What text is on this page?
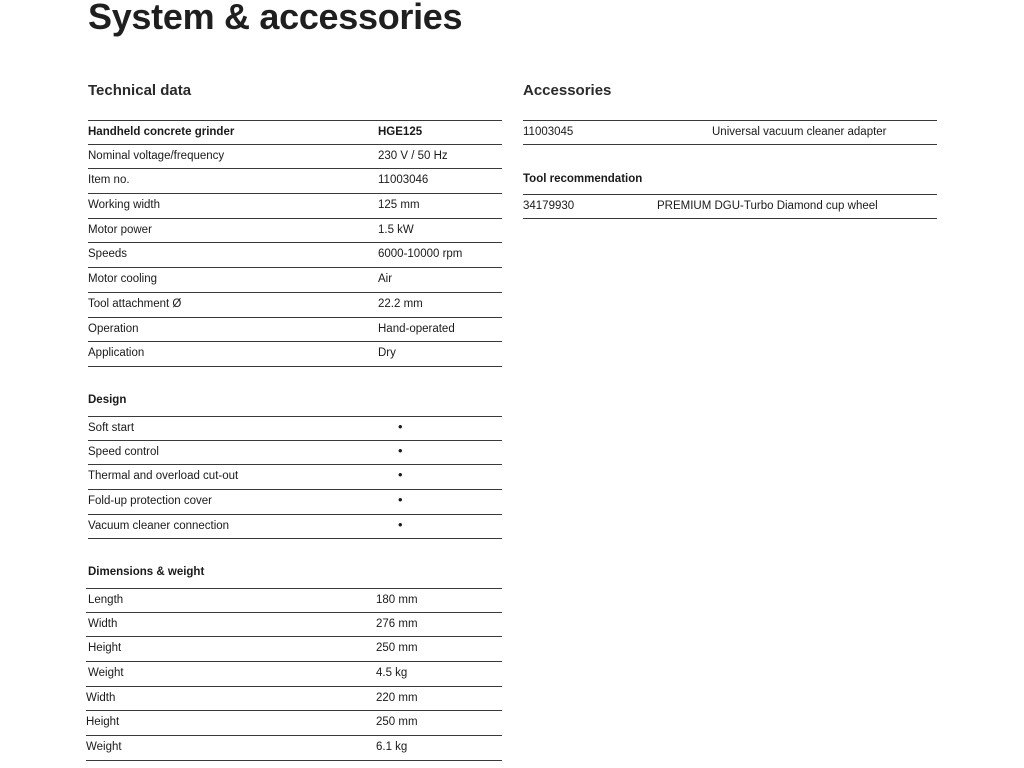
System & accessories
Technical data
Handheld concrete grinder	HGE125
Nominal voltage/frequency	230 V / 50 Hz
Item no.	11003046
Working width	125 mm
Motor power	1.5 kW
Speeds	6000-10000 rpm
Motor cooling	Air
Tool attachment Ø	22.2 mm
Operation	Hand-operated
Application	Dry
Design
Soft start	•
Speed control	•
Thermal and overload cut-out	•
Fold-up protection cover	•
Vacuum cleaner connection	•
Dimensions & weight
Length	180 mm
Width	276 mm
Height	250 mm
Weight	4.5 kg
Width	220 mm
Height	250 mm
Weight	6.1 kg
Accessories
11003045	Universal vacuum cleaner adapter
Tool recommendation
34179930	PREMIUM DGU-Turbo Diamond cup wheel
